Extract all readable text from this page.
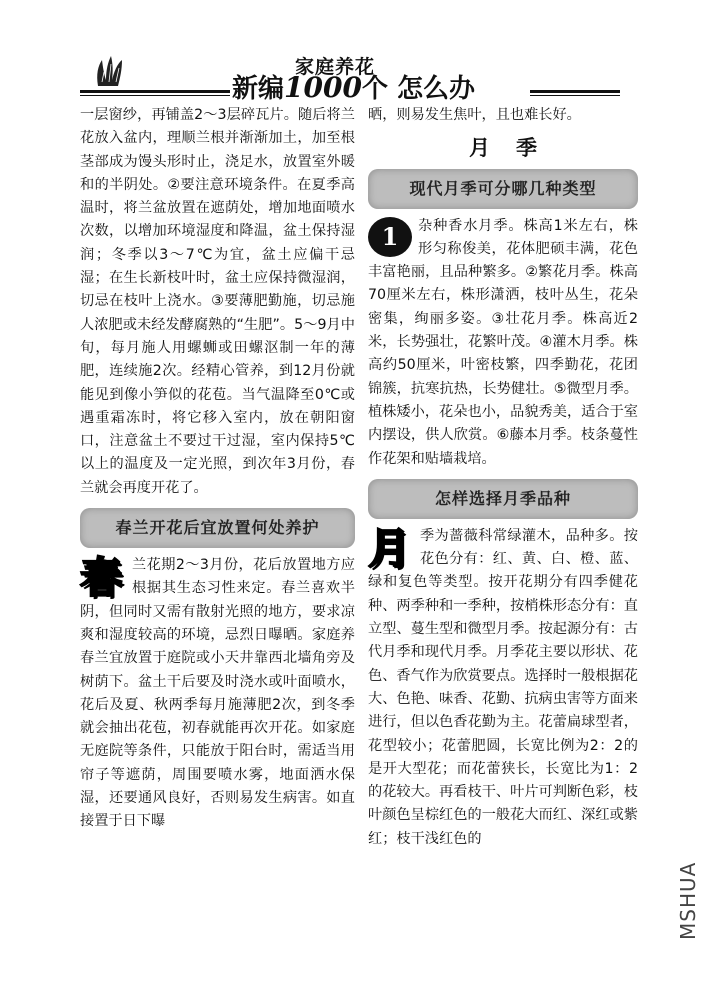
家庭养花
新编1000个 怎么办

一层窗纱，再铺盖2～3层碎瓦片。随后将兰花放入盆内，理顺兰根并渐渐加土，加至根茎部成为馒头形时止，浇足水，放置室外暖和的半阴处。②要注意环境条件。在夏季高温时，将兰盆放置在遮荫处，增加地面喷水次数，以增加环境湿度和降温，盆土保持湿润；冬季以3～7℃为宜，盆土应偏干忌湿；在生长新枝叶时，盆土应保持微湿润，切忌在枝叶上浇水。③要薄肥勤施，切忌施人浓肥或未经发酵腐熟的“生肥”。5～9月中旬，每月施人用螺蛳或田螺沤制一年的薄肥，连续施2次。经精心管养，到12月份就能见到像小笋似的花苞。当气温降至0℃或遇重霜冻时，将它移入室内，放在朝阳窗口，注意盆土不要过干过湿，室内保持5℃以上的温度及一定光照，到次年3月份，春兰就会再度开花了。

春兰开花后宜放置何处养护
春 兰花期2～3月份，花后放置地方应根据其生态习性来定。春兰喜欢半阴，但同时又需有散射光照的地方，要求凉爽和湿度较高的环境，忌烈日曝晒。家庭养春兰宜放置于庭院或小天井靠西北墙角旁及树荫下。盆土干后要及时浇水或叶面喷水，花后及夏、秋两季每月施薄肥2次，到冬季就会抽出花苞，初春就能再次开花。如家庭无庭院等条件，只能放于阳台时，需适当用帘子等遮荫，周围要喷水雾，地面洒水保湿，还要通风良好，否则易发生病害。如直接置于日下曝

晒，则易发生焦叶，且也难长好。

月季
现代月季可分哪几种类型
1	杂种香水月季。株高1米左右，株形匀称俊美，花体肥硕丰满，花色丰富艳丽，且品种繁多。②繁花月季。株高70厘米左右，株形潇洒，枝叶丛生，花朵密集，绚丽多姿。③壮花月季。株高近2米，长势强壮，花繁叶茂。④灌木月季。株高约50厘米，叶密枝繁，四季勤花，花团锦簇，抗寒抗热，长势健壮。⑤微型月季。植株矮小，花朵也小，品貌秀美，适合于室内摆设，供人欣赏。⑥藤本月季。枝条蔓性作花架和贴墙栽培。
怎样选择月季品种
月 季为蔷薇科常绿灌木，品种多。按花色分有：红、黄、白、橙、蓝、绿和复色等类型。按开花期分有四季健花种、两季种和一季种，按梢株形态分有：直立型、蔓生型和微型月季。按起源分有：古代月季和现代月季。月季花主要以形状、花色、香气作为欣赏要点。选择时一般根据花大、色艳、味香、花勤、抗病虫害等方面来进行，但以色香花勤为主。花蕾扁球型者，花型较小；花蕾肥圆，长宽比例为2：2的是开大型花；而花蕾狭长，长宽比为1：2的花较大。再看枝干、叶片可判断色彩，枝叶颜色呈棕红色的一般花大而红、深红或紫红；枝干浅红色的
MSHUA
